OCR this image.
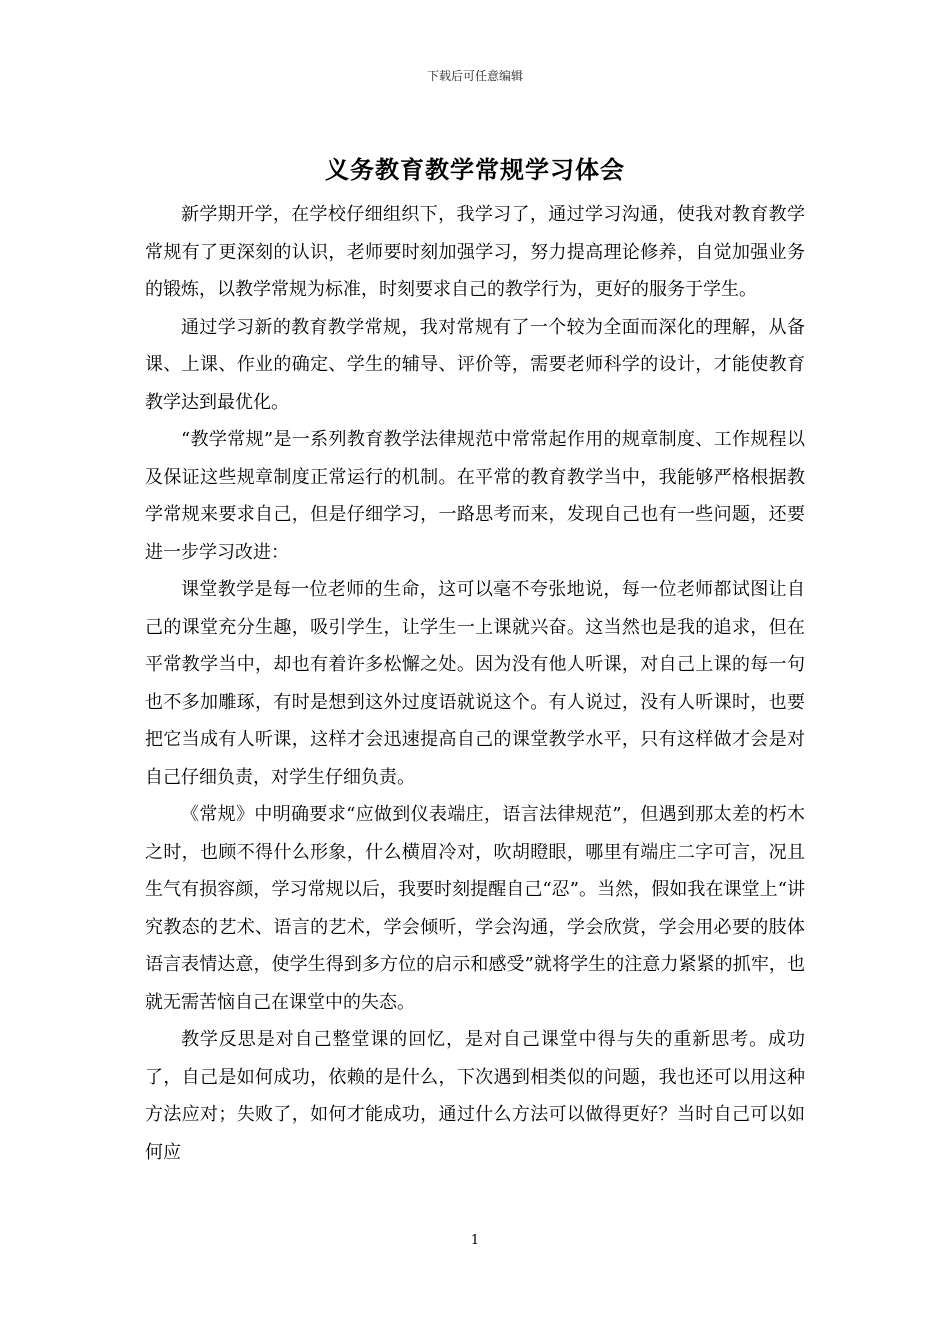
下载后可任意编辑
义务教育教学常规学习体会

新学期开学，在学校仔细组织下，我学习了，通过学习沟通，使我对教育教学常规有了更深刻的认识，老师要时刻加强学习，努力提高理论修养，自觉加强业务的锻炼，以教学常规为标准，时刻要求自己的教学行为，更好的服务于学生。

通过学习新的教育教学常规，我对常规有了一个较为全面而深化的理解，从备课、上课、作业的确定、学生的辅导、评价等，需要老师科学的设计，才能使教育教学达到最优化。

“教学常规”是一系列教育教学法律规范中常常起作用的规章制度、工作规程以及保证这些规章制度正常运行的机制。在平常的教育教学当中，我能够严格根据教学常规来要求自己，但是仔细学习，一路思考而来，发现自己也有一些问题，还要进一步学习改进：

课堂教学是每一位老师的生命，这可以毫不夸张地说，每一位老师都试图让自己的课堂充分生趣，吸引学生，让学生一上课就兴奋。这当然也是我的追求，但在平常教学当中，却也有着许多松懈之处。因为没有他人听课，对自己上课的每一句也不多加雕琢，有时是想到这外过度语就说这个。有人说过，没有人听课时，也要把它当成有人听课，这样才会迅速提高自己的课堂教学水平，只有这样做才会是对自己仔细负责，对学生仔细负责。

《常规》中明确要求“应做到仪表端庄，语言法律规范”，但遇到那太差的朽木之时，也顾不得什么形象，什么横眉冷对，吹胡瞪眼，哪里有端庄二字可言，况且生气有损容颜，学习常规以后，我要时刻提醒自己“忍”。当然，假如我在课堂上“讲究教态的艺术、语言的艺术，学会倾听，学会沟通，学会欣赏，学会用必要的肢体语言表情达意，使学生得到多方位的启示和感受”就将学生的注意力紧紧的抓牢，也就无需苦恼自己在课堂中的失态。

教学反思是对自己整堂课的回忆，是对自己课堂中得与失的重新思考。成功了，自己是如何成功，依赖的是什么，下次遇到相类似的问题，我也还可以用这种方法应对；失败了，如何才能成功，通过什么方法可以做得更好？当时自己可以如何应

1
